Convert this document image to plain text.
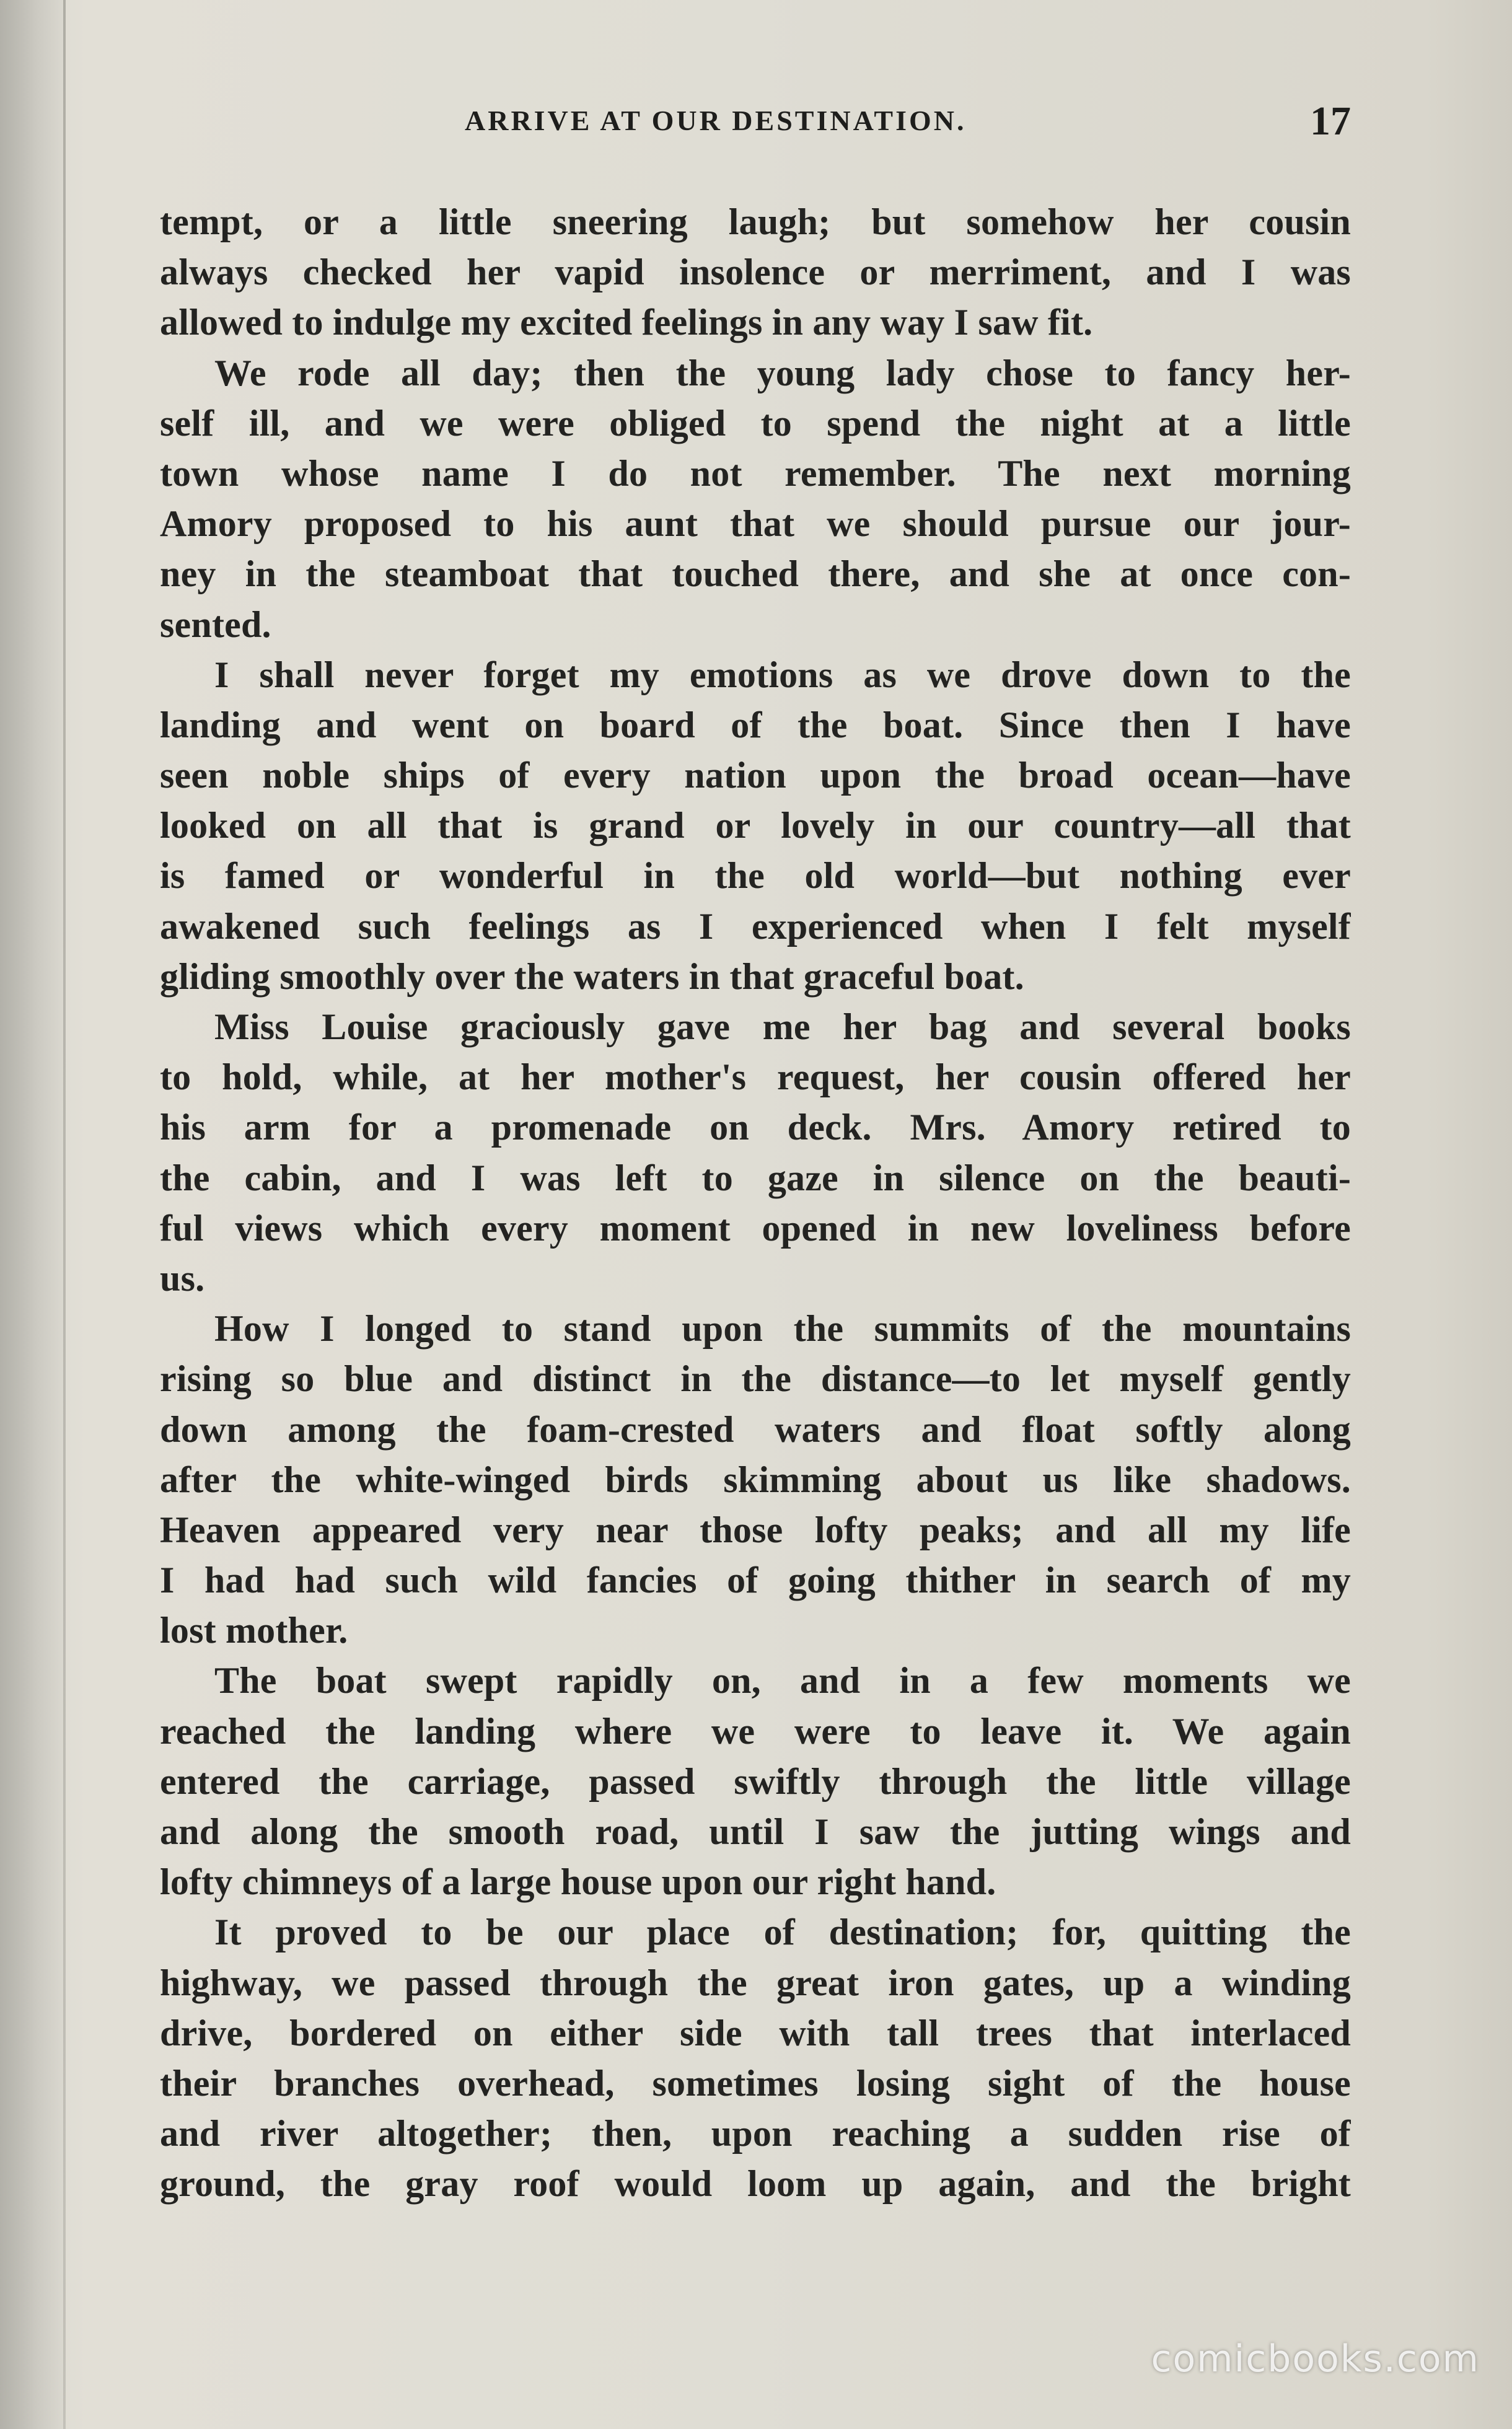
ARRIVE AT OUR DESTINATION.	17
tempt, or a little sneering laugh; but somehow her cousin
always checked her vapid insolence or merriment, and I was
allowed to indulge my excited feelings in any way I saw fit.
We rode all day; then the young lady chose to fancy her-
self ill, and we were obliged to spend the night at a little
town whose name I do not remember. The next morning
Amory proposed to his aunt that we should pursue our jour-
ney in the steamboat that touched there, and she at once con-
sented.
I shall never forget my emotions as we drove down to the
landing and went on board of the boat. Since then I have
seen noble ships of every nation upon the broad ocean—have
looked on all that is grand or lovely in our country—all that
is famed or wonderful in the old world—but nothing ever
awakened such feelings as I experienced when I felt myself
gliding smoothly over the waters in that graceful boat.
Miss Louise graciously gave me her bag and several books
to hold, while, at her mother's request, her cousin offered her
his arm for a promenade on deck. Mrs. Amory retired to
the cabin, and I was left to gaze in silence on the beauti-
ful views which every moment opened in new loveliness before
us.
How I longed to stand upon the summits of the mountains
rising so blue and distinct in the distance—to let myself gently
down among the foam-crested waters and float softly along
after the white-winged birds skimming about us like shadows.
Heaven appeared very near those lofty peaks; and all my life
I had had such wild fancies of going thither in search of my
lost mother.
The boat swept rapidly on, and in a few moments we
reached the landing where we were to leave it. We again
entered the carriage, passed swiftly through the little village
and along the smooth road, until I saw the jutting wings and
lofty chimneys of a large house upon our right hand.
It proved to be our place of destination; for, quitting the
highway, we passed through the great iron gates, up a winding
drive, bordered on either side with tall trees that interlaced
their branches overhead, sometimes losing sight of the house
and river altogether; then, upon reaching a sudden rise of
ground, the gray roof would loom up again, and the bright
comicbooks.com
